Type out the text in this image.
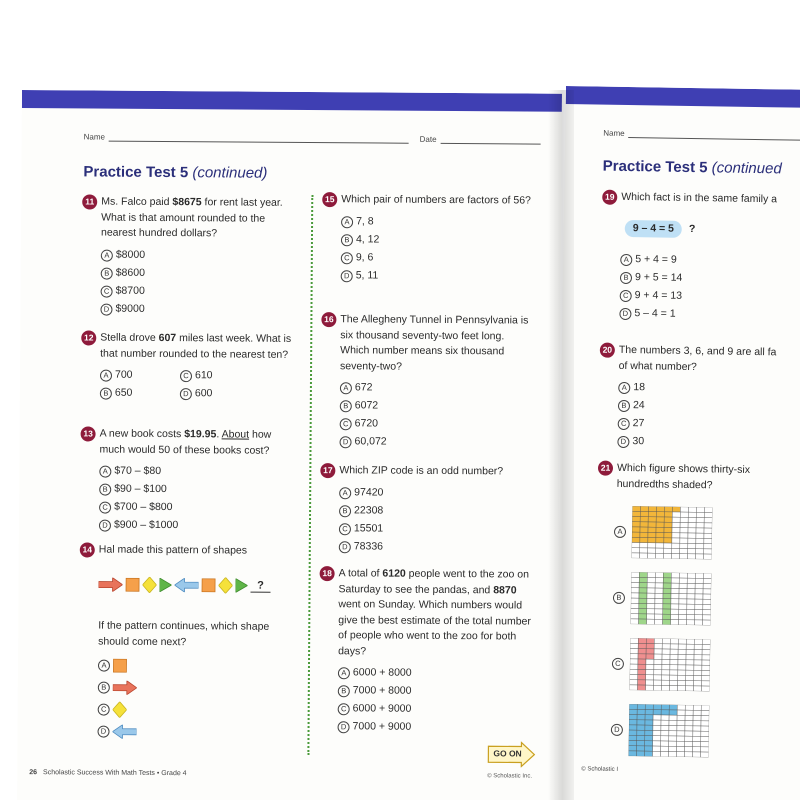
Name	Date
Practice Test 5 (continued)
11 Ms. Falco paid $8675 for rent last year. What is that amount rounded to the nearest hundred dollars?
A $8000
B $8600
C $8700
D $9000
12 Stella drove 607 miles last week. What is that number rounded to the nearest ten?
A 700	C 610
B 650	D 600
13 A new book costs $19.95. About how much would 50 of these books cost?
A $70 – $80
B $90 – $100
C $700 – $800
D $900 – $1000
14 Hal made this pattern of shapes
?
If the pattern continues, which shape should come next?
A
B
C
D
15 Which pair of numbers are factors of 56?
A 7, 8
B 4, 12
C 9, 6
D 5, 11
16 The Allegheny Tunnel in Pennsylvania is six thousand seventy-two feet long. Which number means six thousand seventy-two?
A 672
B 6072
C 6720
D 60,072
17 Which ZIP code is an odd number?
A 97420
B 22308
C 15501
D 78336
18 A total of 6120 people went to the zoo on Saturday to see the pandas, and 8870 went on Sunday. Which numbers would give the best estimate of the total number of people who went to the zoo for both days?
A 6000 + 8000
B 7000 + 8000
C 6000 + 9000
D 7000 + 9000
GO ON
26 Scholastic Success With Math Tests • Grade 4	© Scholastic Inc.
Name
Practice Test 5 (continued
19 Which fact is in the same family a
9 – 4 = 5 ?
A 5 + 4 = 9
B 9 + 5 = 14
C 9 + 4 = 13
D 5 – 4 = 1
20 The numbers 3, 6, and 9 are all fa
of what number?
A 18
B 24
C 27
D 30
21 Which figure shows thirty-six hundredths shaded?
A
B
C
D
© Scholastic I
